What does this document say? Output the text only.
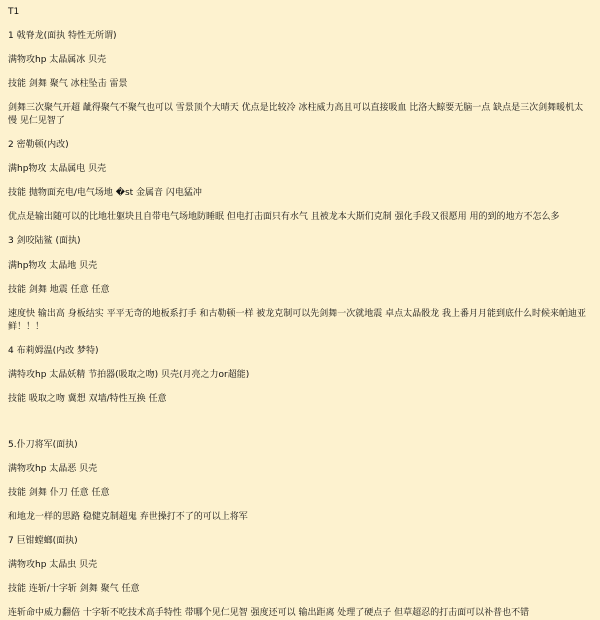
T1
1 戟脊龙(面执 特性无所谓)
满物攻hp 太晶属冰 贝壳
技能 剑舞 聚气 冰柱坠击 雷景
剑舞三次聚气开超 龇得聚气不聚气也可以 雪景顶个大晴天 优点是比较冷 冰柱威力高且可以直接吸血 比洛大鲸要无脑一点 缺点是三次剑舞暖机太慢 见仁见智了
2 密勒顿(内改)
满hp物攻 太晶属电 贝壳
技能 抛物面充电/电气场地 �st 金属音 闪电猛冲
优点是输出随可以的比地壮躯块且自带电气场地防睡眠 但电打击面只有水气 且被龙本大斯们克制 强化手段又很愿用 用的到的地方不怎么多
3 剑咬陆鲨 (面执)
满hp物攻 太晶地 贝壳
技能 剑舞 地震 任意 任意
速度快 输出高 身板结实 平平无奇的地板系打手 和古勒顿一样 被龙克制可以先剑舞一次就地震 卓点太晶骰龙 我上番月月能到底什么时候来帕迪亚鲜！！！
4 布莉姆温(内改 梦特)
满特攻hp 太晶妖精 节拍器(吸取之吻) 贝壳(月亮之力or超能)
技能 吸取之吻 冀想 双墙/特性互换 任意
5.仆刀将军(面执)
满物攻hp 太晶恶 贝壳
技能 剑舞 仆刀 任意 任意
和地龙一样的思路 稳健克制超鬼 弃世操打不了的可以上将军
7 巨钳螳螂(面执)
满物攻hp 太晶虫 贝壳
技能 连斩/十字斩 剑舞 聚气 任意
连斩命中威力翻倍 十字斩不吃技术高手特性 带哪个见仁见智 强度还可以 输出距离 处理了硬点子 但草超忍的打击面可以补普也不错
